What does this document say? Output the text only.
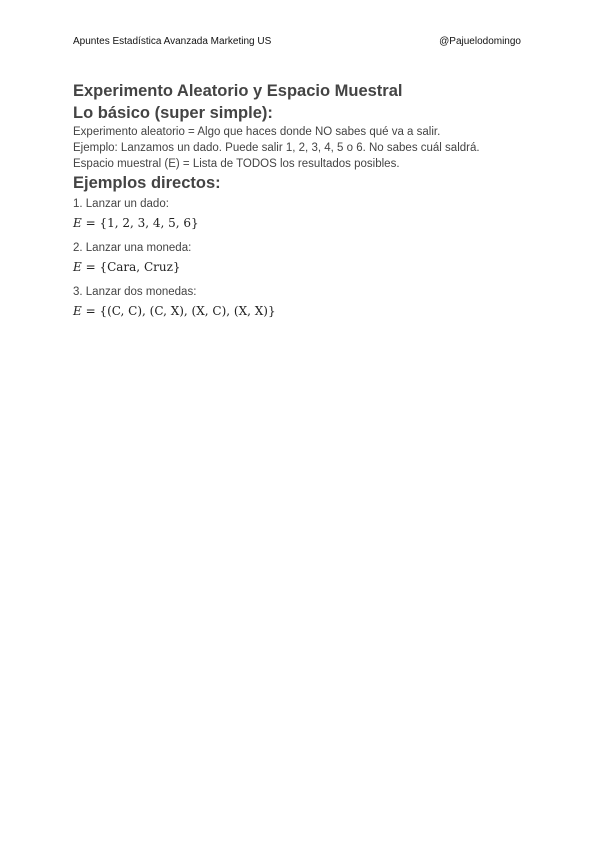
Apuntes Estadística Avanzada Marketing US	@Pajuelodomingo
Experimento Aleatorio y Espacio Muestral
Lo básico (super simple):

Experimento aleatorio = Algo que haces donde NO sabes qué va a salir.

Ejemplo: Lanzamos un dado. Puede salir 1, 2, 3, 4, 5 o 6. No sabes cuál saldrá.

Espacio muestral (E) = Lista de TODOS los resultados posibles.

Ejemplos directos:

1. Lanzar un dado:

E = {1, 2, 3, 4, 5, 6}

2. Lanzar una moneda:

E = {Cara, Cruz}

3. Lanzar dos monedas:

E = {(C, C), (C, X), (X, C), (X, X)}
